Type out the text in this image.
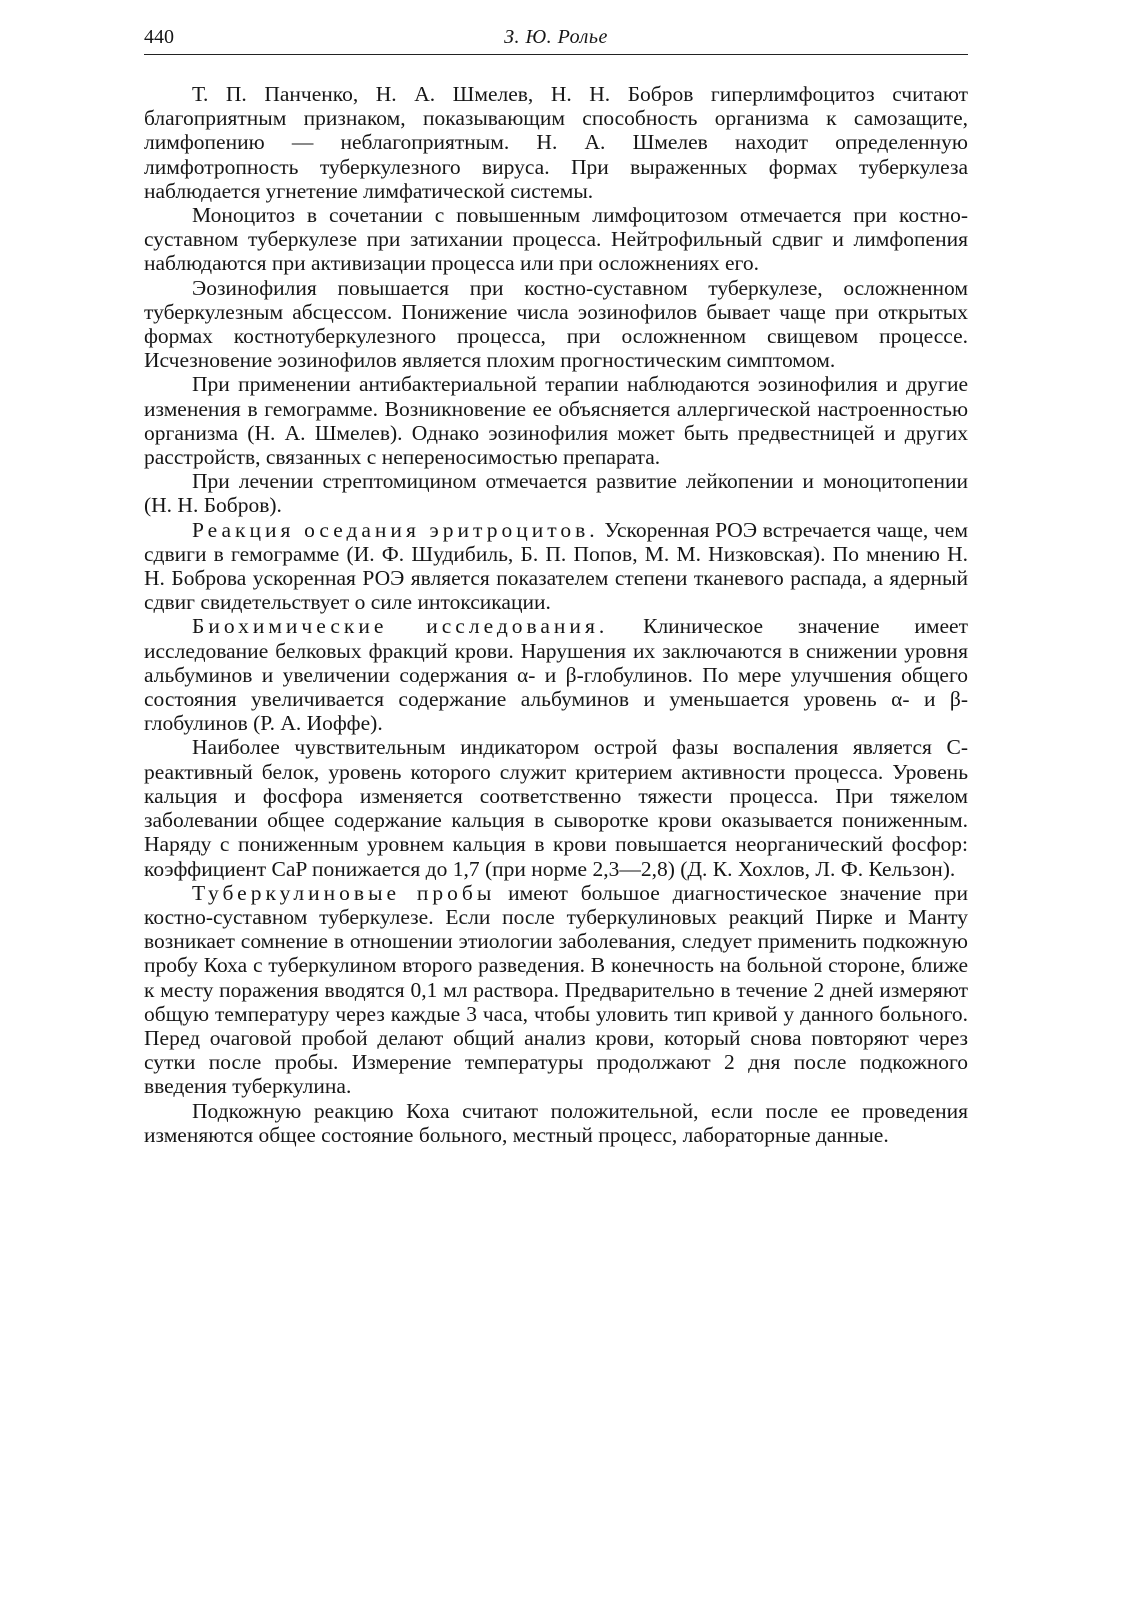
440	З. Ю. Ролье

Т. П. Панченко, Н. А. Шмелев, Н. Н. Бобров гиперлимфоцитоз считают благоприятным признаком, показывающим способность организма к самозащите, лимфопению — неблагоприятным. Н. А. Шмелев находит определенную лимфотропность туберкулезного вируса. При выраженных формах туберкулеза наблюдается угнетение лимфатической системы.

Моноцитоз в сочетании с повышенным лимфоцитозом отмечается при костно-суставном туберкулезе при затихании процесса. Нейтрофильный сдвиг и лимфопения наблюдаются при активизации процесса или при осложнениях его.

Эозинофилия повышается при костно-суставном туберкулезе, осложненном туберкулезным абсцессом. Понижение числа эозинофилов бывает чаще при открытых формах костнотуберкулезного процесса, при осложненном свищевом процессе. Исчезновение эозинофилов является плохим прогностическим симптомом.

При применении антибактериальной терапии наблюдаются эозинофилия и другие изменения в гемограмме. Возникновение ее объясняется аллергической настроенностью организма (Н. А. Шмелев). Однако эозинофилия может быть предвестницей и других расстройств, связанных с непереносимостью препарата.

При лечении стрептомицином отмечается развитие лейкопении и моноцитопении (Н. Н. Бобров).

Реакция оседания эритроцитов. Ускоренная РОЭ встречается чаще, чем сдвиги в гемограмме (И. Ф. Шудибиль, Б. П. Попов, М. М. Низковская). По мнению Н. Н. Боброва ускоренная РОЭ является показателем степени тканевого распада, а ядерный сдвиг свидетельствует о силе интоксикации.

Биохимические исследования. Клиническое значение имеет исследование белковых фракций крови. Нарушения их заключаются в снижении уровня альбуминов и увеличении содержания α- и β-глобулинов. По мере улучшения общего состояния увеличивается содержание альбуминов и уменьшается уровень α- и β-глобулинов (Р. А. Иоффе).

Наиболее чувствительным индикатором острой фазы воспаления является С-реактивный белок, уровень которого служит критерием активности процесса. Уровень кальция и фосфора изменяется соответственно тяжести процесса. При тяжелом заболевании общее содержание кальция в сыворотке крови оказывается пониженным. Наряду с пониженным уровнем кальция в крови повышается неорганический фосфор: коэффициент CaP понижается до 1,7 (при норме 2,3—2,8) (Д. К. Хохлов, Л. Ф. Кельзон).

Туберкулиновые пробы имеют большое диагностическое значение при костно-суставном туберкулезе. Если после туберкулиновых реакций Пирке и Манту возникает сомнение в отношении этиологии заболевания, следует применить подкожную пробу Коха с туберкулином второго разведения. В конечность на больной стороне, ближе к месту поражения вводятся 0,1 мл раствора. Предварительно в течение 2 дней измеряют общую температуру через каждые 3 часа, чтобы уловить тип кривой у данного больного. Перед очаговой пробой делают общий анализ крови, который снова повторяют через сутки после пробы. Измерение температуры продолжают 2 дня после подкожного введения туберкулина.

Подкожную реакцию Коха считают положительной, если после ее проведения изменяются общее состояние больного, местный процесс, лабораторные данные.
